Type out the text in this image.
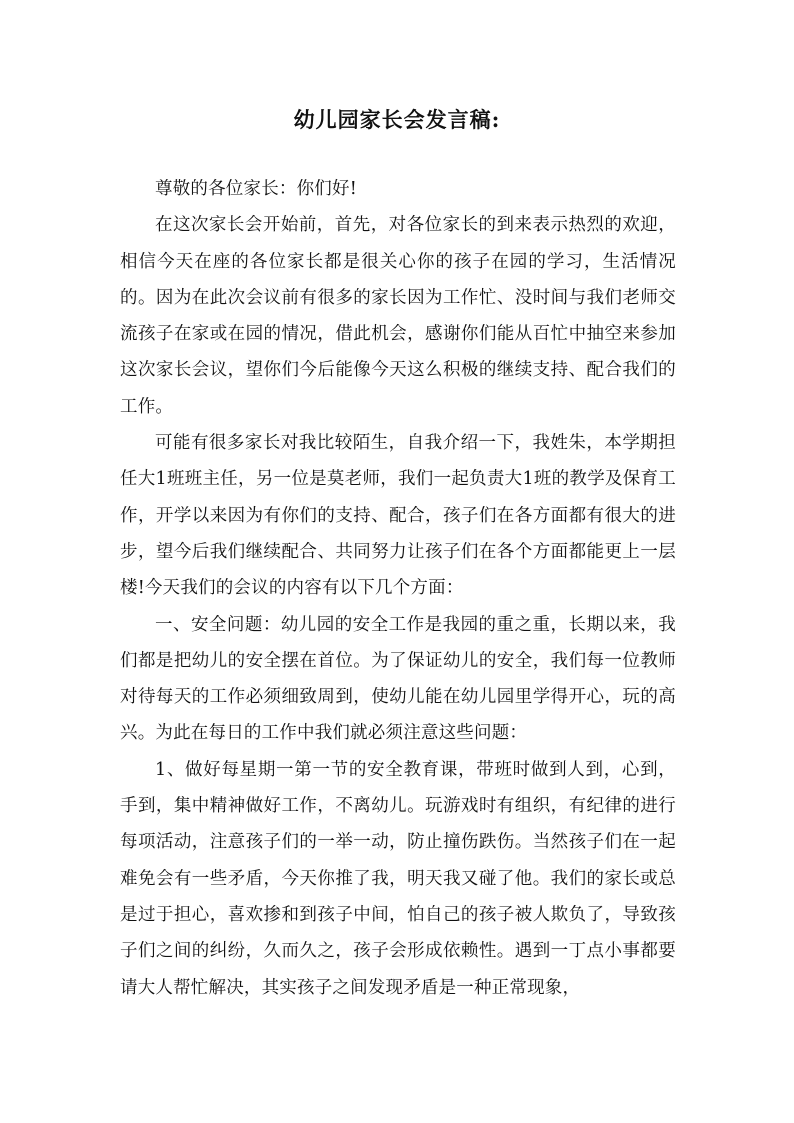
幼儿园家长会发言稿:

尊敬的各位家长：你们好!

在这次家长会开始前，首先，对各位家长的到来表示热烈的欢迎，相信今天在座的各位家长都是很关心你的孩子在园的学习，生活情况的。因为在此次会议前有很多的家长因为工作忙、没时间与我们老师交流孩子在家或在园的情况，借此机会，感谢你们能从百忙中抽空来参加这次家长会议，望你们今后能像今天这么积极的继续支持、配合我们的工作。

可能有很多家长对我比较陌生，自我介绍一下，我姓朱，本学期担任大1班班主任，另一位是莫老师，我们一起负责大1班的教学及保育工作，开学以来因为有你们的支持、配合，孩子们在各方面都有很大的进步，望今后我们继续配合、共同努力让孩子们在各个方面都能更上一层楼!今天我们的会议的内容有以下几个方面：

一、安全问题：幼儿园的安全工作是我园的重之重，长期以来，我们都是把幼儿的安全摆在首位。为了保证幼儿的安全，我们每一位教师对待每天的工作必须细致周到，使幼儿能在幼儿园里学得开心，玩的高兴。为此在每日的工作中我们就必须注意这些问题：

1、做好每星期一第一节的安全教育课，带班时做到人到，心到，手到，集中精神做好工作，不离幼儿。玩游戏时有组织，有纪律的进行每项活动，注意孩子们的一举一动，防止撞伤跌伤。当然孩子们在一起难免会有一些矛盾，今天你推了我，明天我又碰了他。我们的家长或总是过于担心，喜欢掺和到孩子中间，怕自己的孩子被人欺负了，导致孩子们之间的纠纷，久而久之，孩子会形成依赖性。遇到一丁点小事都要请大人帮忙解决，其实孩子之间发现矛盾是一种正常现象，
